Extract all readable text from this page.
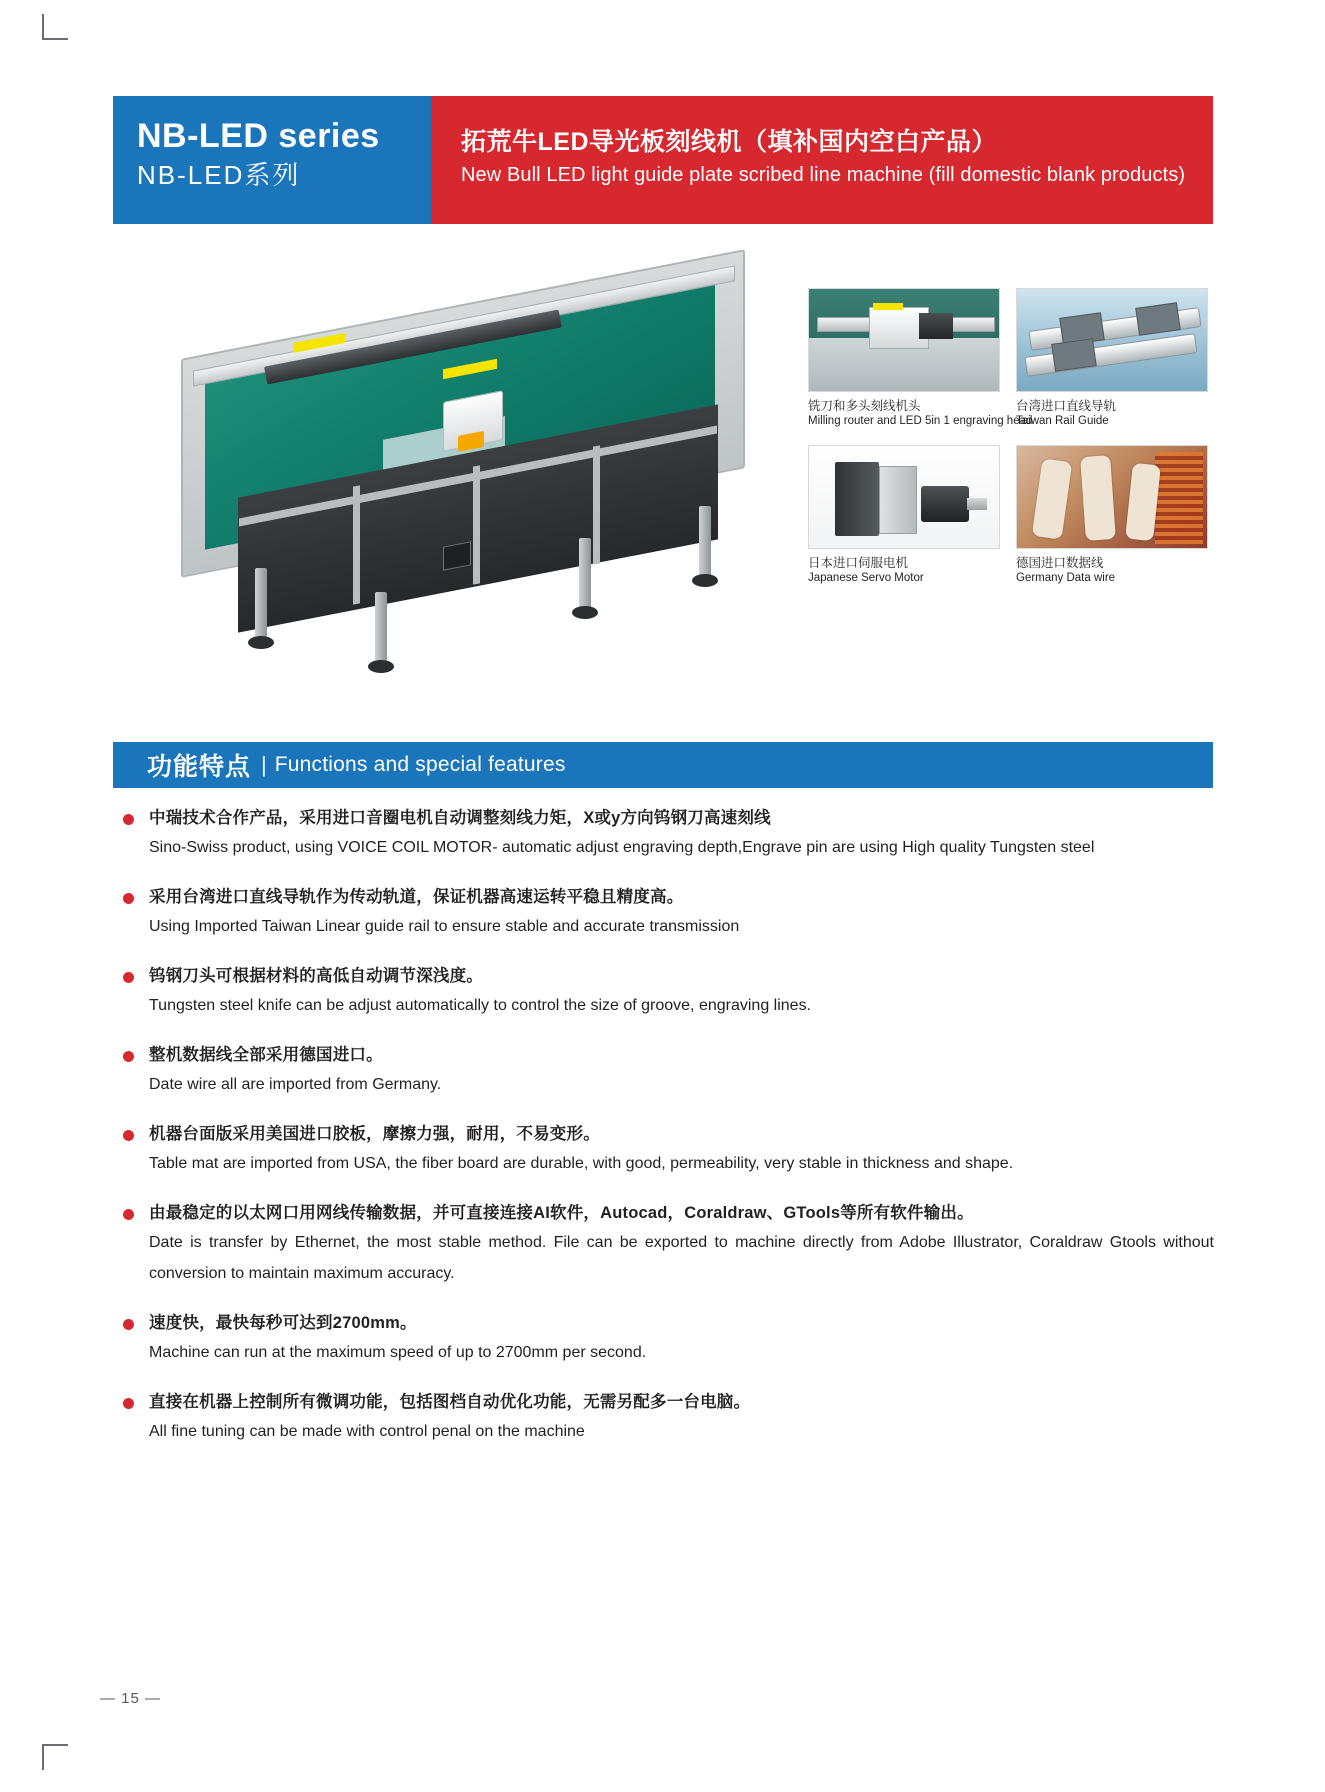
NB-LED series
NB-LED系列
拓荒牛LED导光板刻线机（填补国内空白产品）
New Bull LED light guide plate scribed line machine (fill domestic blank products)
铣刀和多头刻线机头
Milling router and LED 5in 1 engraving head
台湾进口直线导轨
Taiwan Rail Guide
日本进口伺服电机
Japanese Servo Motor
德国进口数据线
Germany Data wire
功能特点 | Functions and special features
中瑞技术合作产品，采用进口音圈电机自动调整刻线力矩，X或y方向钨钢刀高速刻线
Sino-Swiss product, using VOICE COIL MOTOR- automatic adjust engraving depth,Engrave pin are using High quality Tungsten steel
采用台湾进口直线导轨作为传动轨道，保证机器高速运转平稳且精度高。
Using Imported Taiwan Linear guide rail to ensure stable and accurate transmission
钨钢刀头可根据材料的高低自动调节深浅度。
Tungsten steel knife can be adjust automatically to control the size of groove, engraving lines.
整机数据线全部采用德国进口。
Date wire all are imported from Germany.
机器台面版采用美国进口胶板，摩擦力强，耐用，不易变形。
Table mat are imported from USA, the fiber board are durable, with good, permeability, very stable in thickness and shape.
由最稳定的以太网口用网线传输数据，并可直接连接AI软件，Autocad，Coraldraw、GTools等所有软件输出。
Date is transfer by Ethernet, the most stable method. File can be exported to machine directly from Adobe Illustrator, Coraldraw Gtools without conversion to maintain maximum accuracy.
速度快，最快每秒可达到2700mm。
Machine can run at the maximum speed of up to 2700mm per second.
直接在机器上控制所有微调功能，包括图档自动优化功能，无需另配多一台电脑。
All fine tuning can be made with control penal on the machine
— 15 —
